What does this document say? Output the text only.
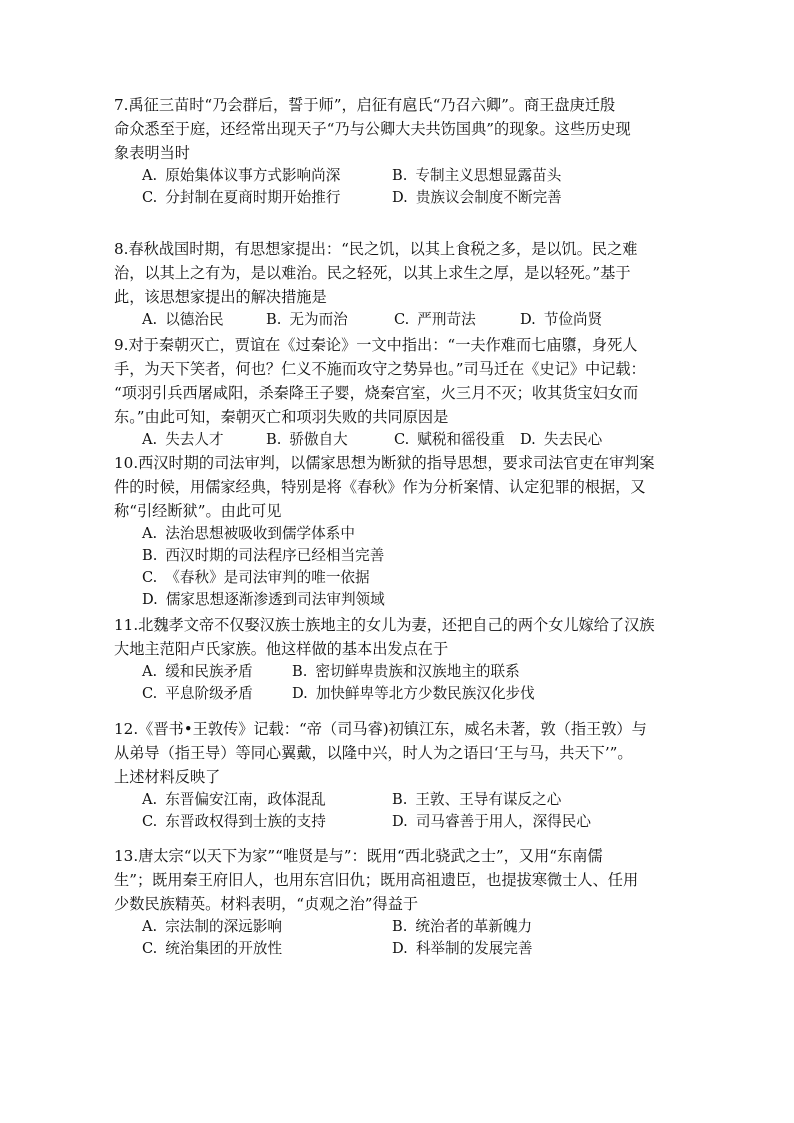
7.禹征三苗时“乃会群后，誓于师”，启征有扈氏“乃召六卿”。商王盘庚迁殷
命众悉至于庭，还经常出现天子“乃与公卿大夫共饬国典”的现象。这些历史现
象表明当时

A. 原始集体议事方式影响尚深	B. 专制主义思想显露苗头
C. 分封制在夏商时期开始推行	D. 贵族议会制度不断完善

8.春秋战国时期，有思想家提出：“民之饥，以其上食税之多，是以饥。民之难
治，以其上之有为，是以难治。民之轻死，以其上求生之厚，是以轻死。”基于
此，该思想家提出的解决措施是

A. 以德治民	B. 无为而治	C. 严刑苛法	D. 节俭尚贤

9.对于秦朝灭亡，贾谊在《过秦论》一文中指出：“一夫作难而七庙隳，身死人
手，为天下笑者，何也？仁义不施而攻守之势异也。”司马迁在《史记》中记载：
“项羽引兵西屠咸阳，杀秦降王子婴，烧秦宫室，火三月不灭；收其货宝妇女而
东。”由此可知，秦朝灭亡和项羽失败的共同原因是

A. 失去人才	B. 骄傲自大	C. 赋税和徭役重	D. 失去民心

10.西汉时期的司法审判，以儒家思想为断狱的指导思想，要求司法官吏在审判案
件的时候，用儒家经典，特别是将《春秋》作为分析案情、认定犯罪的根据，又
称“引经断狱”。由此可见

A. 法治思想被吸收到儒学体系中
B. 西汉时期的司法程序已经相当完善
C. 《春秋》是司法审判的唯一依据
D. 儒家思想逐渐渗透到司法审判领域

11.北魏孝文帝不仅娶汉族士族地主的女儿为妻，还把自己的两个女儿嫁给了汉族
大地主范阳卢氏家族。他这样做的基本出发点在于

A. 缓和民族矛盾	B. 密切鲜卑贵族和汉族地主的联系
C. 平息阶级矛盾	D. 加快鲜卑等北方少数民族汉化步伐

12.《晋书•王敦传》记载：“帝（司马睿)初镇江东，威名未著，敦（指王敦）与
从弟导（指王导）等同心翼戴，以隆中兴，时人为之语曰‘王与马，共天下’”。
上述材料反映了

A. 东晋偏安江南，政体混乱	B. 王敦、王导有谋反之心
C. 东晋政权得到士族的支持	D. 司马睿善于用人，深得民心

13.唐太宗“以天下为家”“唯贤是与”：既用“西北骁武之士”，又用“东南儒
生”；既用秦王府旧人，也用东宫旧仇；既用高祖遗臣，也提拔寒微士人、任用
少数民族精英。材料表明，“贞观之治”得益于

A. 宗法制的深远影响	B. 统治者的革新魄力
C. 统治集团的开放性	D. 科举制的发展完善
